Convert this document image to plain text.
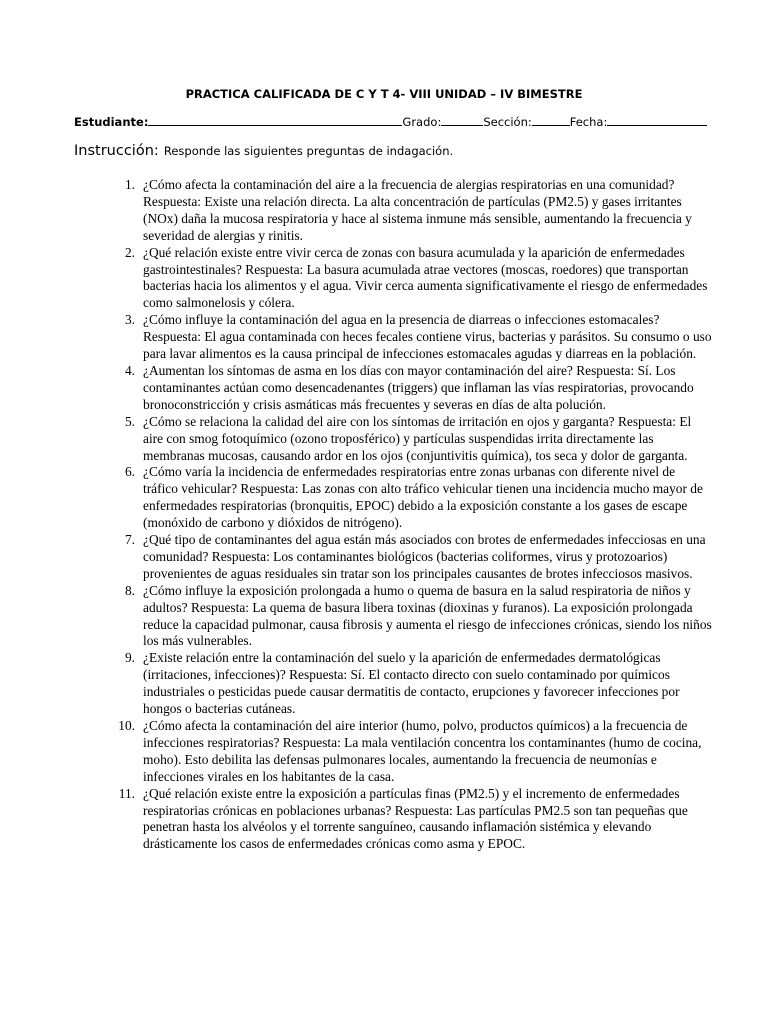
PRACTICA CALIFICADA DE C Y T 4- VIII UNIDAD – IV BIMESTRE
Estudiante:	Grado:	Sección:	Fecha:
Instrucción: Responde las siguientes preguntas de indagación.
1. ¿Cómo afecta la contaminación del aire a la frecuencia de alergias respiratorias en una comunidad? Respuesta: Existe una relación directa. La alta concentración de partículas (PM2.5) y gases irritantes (NOx) daña la mucosa respiratoria y hace al sistema inmune más sensible, aumentando la frecuencia y severidad de alergias y rinitis.
2. ¿Qué relación existe entre vivir cerca de zonas con basura acumulada y la aparición de enfermedades gastrointestinales? Respuesta: La basura acumulada atrae vectores (moscas, roedores) que transportan bacterias hacia los alimentos y el agua. Vivir cerca aumenta significativamente el riesgo de enfermedades como salmonelosis y cólera.
3. ¿Cómo influye la contaminación del agua en la presencia de diarreas o infecciones estomacales? Respuesta: El agua contaminada con heces fecales contiene virus, bacterias y parásitos. Su consumo o uso para lavar alimentos es la causa principal de infecciones estomacales agudas y diarreas en la población.
4. ¿Aumentan los síntomas de asma en los días con mayor contaminación del aire? Respuesta: Sí. Los contaminantes actúan como desencadenantes (triggers) que inflaman las vías respiratorias, provocando bronoconstricción y crisis asmáticas más frecuentes y severas en días de alta polución.
5. ¿Cómo se relaciona la calidad del aire con los síntomas de irritación en ojos y garganta? Respuesta: El aire con smog fotoquímico (ozono troposférico) y partículas suspendidas irrita directamente las membranas mucosas, causando ardor en los ojos (conjuntivitis química), tos seca y dolor de garganta.
6. ¿Cómo varía la incidencia de enfermedades respiratorias entre zonas urbanas con diferente nivel de tráfico vehicular? Respuesta: Las zonas con alto tráfico vehicular tienen una incidencia mucho mayor de enfermedades respiratorias (bronquitis, EPOC) debido a la exposición constante a los gases de escape (monóxido de carbono y dióxidos de nitrógeno).
7. ¿Qué tipo de contaminantes del agua están más asociados con brotes de enfermedades infecciosas en una comunidad? Respuesta: Los contaminantes biológicos (bacterias coliformes, virus y protozoarios) provenientes de aguas residuales sin tratar son los principales causantes de brotes infecciosos masivos.
8. ¿Cómo influye la exposición prolongada a humo o quema de basura en la salud respiratoria de niños y adultos? Respuesta: La quema de basura libera toxinas (dioxinas y furanos). La exposición prolongada reduce la capacidad pulmonar, causa fibrosis y aumenta el riesgo de infecciones crónicas, siendo los niños los más vulnerables.
9. ¿Existe relación entre la contaminación del suelo y la aparición de enfermedades dermatológicas (irritaciones, infecciones)? Respuesta: Sí. El contacto directo con suelo contaminado por químicos industriales o pesticidas puede causar dermatitis de contacto, erupciones y favorecer infecciones por hongos o bacterias cutáneas.
10. ¿Cómo afecta la contaminación del aire interior (humo, polvo, productos químicos) a la frecuencia de infecciones respiratorias? Respuesta: La mala ventilación concentra los contaminantes (humo de cocina, moho). Esto debilita las defensas pulmonares locales, aumentando la frecuencia de neumonías e infecciones virales en los habitantes de la casa.
11. ¿Qué relación existe entre la exposición a partículas finas (PM2.5) y el incremento de enfermedades respiratorias crónicas en poblaciones urbanas? Respuesta: Las partículas PM2.5 son tan pequeñas que penetran hasta los alvéolos y el torrente sanguíneo, causando inflamación sistémica y elevando drásticamente los casos de enfermedades crónicas como asma y EPOC.
